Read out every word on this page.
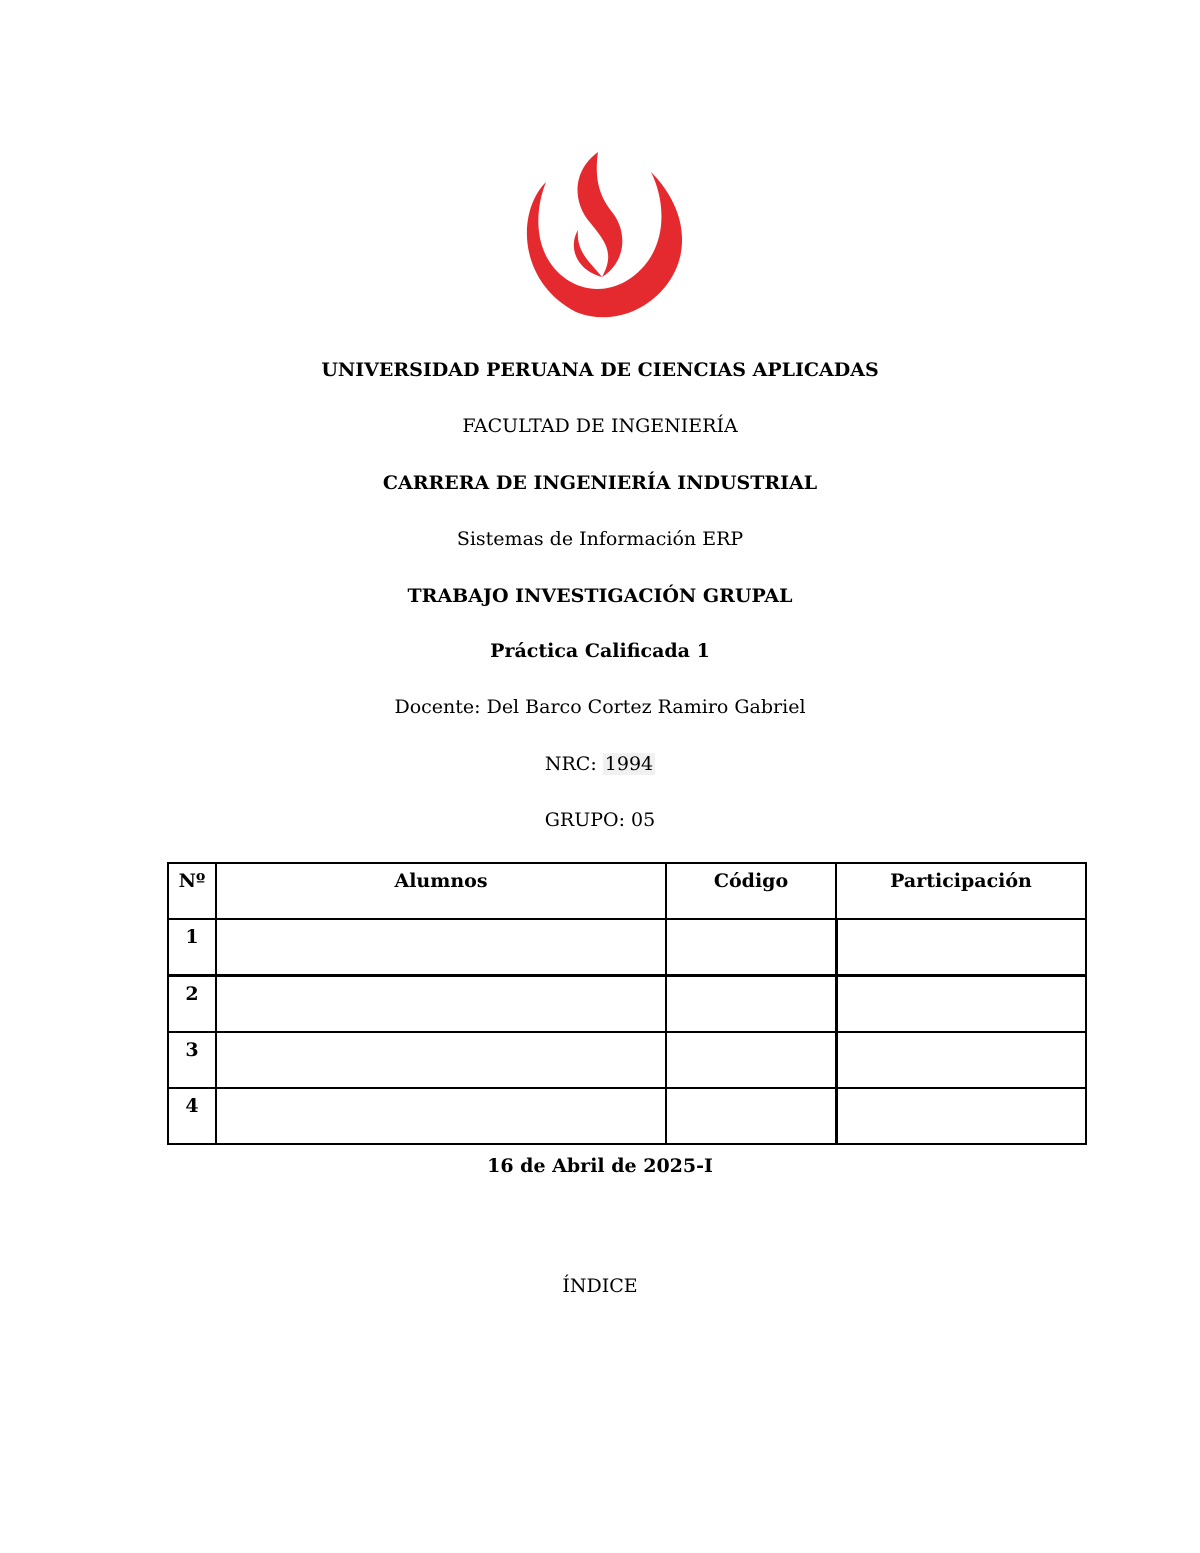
UNIVERSIDAD PERUANA DE CIENCIAS APLICADAS
FACULTAD DE INGENIERÍA
CARRERA DE INGENIERÍA INDUSTRIAL
Sistemas de Información ERP
TRABAJO INVESTIGACIÓN GRUPAL
Práctica Calificada 1
Docente: Del Barco Cortez Ramiro Gabriel
NRC: 1994
GRUPO: 05
Nº	Alumnos	Código	Participación
1			
2			
3			
4			
16 de Abril de 2025-I
ÍNDICE
